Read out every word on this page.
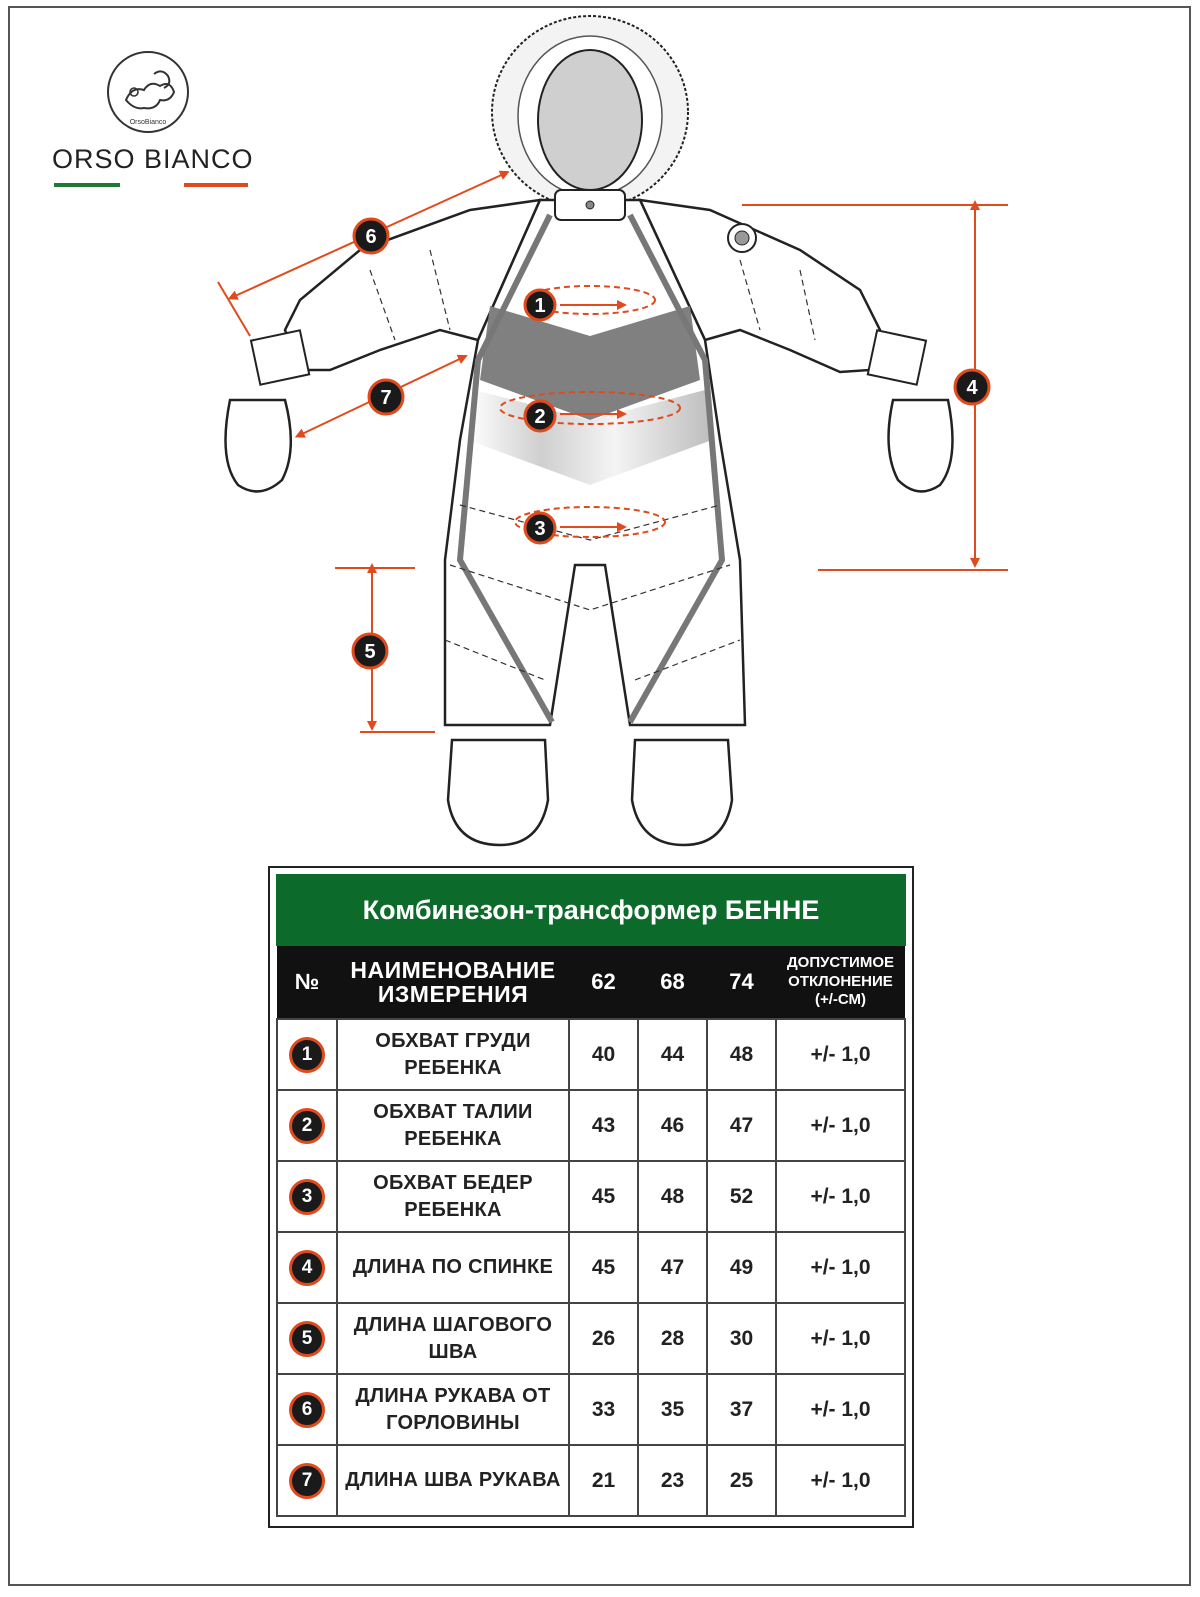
OrsoBianco
ORSO BIANCO
1
2
3
4
5
6
7
Комбинезон-трансформер БЕННЕ
№	НАИМЕНОВАНИЕ ИЗМЕРЕНИЯ	62	68	74	ДОПУСТИМОЕ ОТКЛОНЕНИЕ (+/-СМ)
1	ОБХВАТ ГРУДИ РЕБЕНКА	40	44	48	+/- 1,0
2	ОБХВАТ ТАЛИИ РЕБЕНКА	43	46	47	+/- 1,0
3	ОБХВАТ БЕДЕР РЕБЕНКА	45	48	52	+/- 1,0
4	ДЛИНА ПО СПИНКЕ	45	47	49	+/- 1,0
5	ДЛИНА ШАГОВОГО ШВА	26	28	30	+/- 1,0
6	ДЛИНА РУКАВА ОТ ГОРЛОВИНЫ	33	35	37	+/- 1,0
7	ДЛИНА ШВА РУКАВА	21	23	25	+/- 1,0
